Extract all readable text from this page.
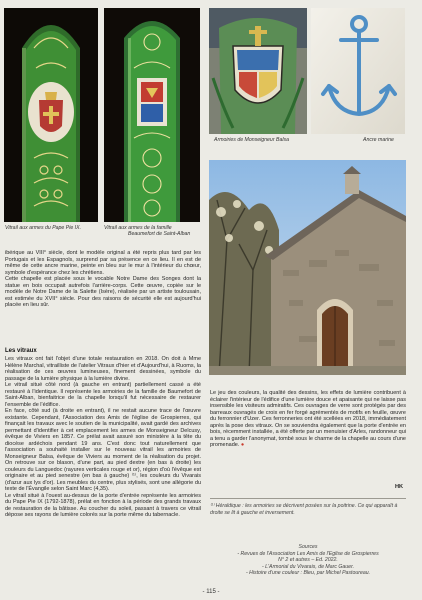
Vitrail aux armes du Pape Pie IX.	Vitrail aux armes de la famille
Beaumefort de Saint-Alban
Armoiries de Monseigneur Balsa	Ancre marine

ibérique au VIII° siècle, dont le modèle original a été repris plus tard par les Portugais et les Espagnols, surprend par sa présence en ce lieu. Il en est de même de cette ancre marine, peinte en bleu sur le mur à l'intérieur du chœur, symbole d'espérance chez les chrétiens.

Cette chapelle est placée sous le vocable Notre Dame des Songes dont la statue en bois occupait autrefois l'arrière-corps. Cette œuvre, copiée sur le modèle de Notre Dame de la Salette (Isère), réalisée par un artiste toulousain, est estimée du XVII° siècle. Pour des raisons de sécurité elle est aujourd'hui placée en lieu sûr.

Les vitraux

Les vitraux ont fait l'objet d'une totale restauration en 2018. On doit à Mme Hélène Marchal, vitrailliste de l'atelier Vitraux d'hier et d'Aujourd'hui, à Ruoms, la réalisation de ces œuvres lumineuses, finement dessinées, symbole du passage de la lumière physique à la lumière divine.

Le vitrail situé côté nord (à gauche en entrant) partiellement cassé a été restauré à l'identique. Il représente les armoiries de la famille de Baumefort de Saint-Alban, bienfaitrice de la chapelle lorsqu'il fut nécessaire de restaurer l'ensemble de l'édifice.

En face, côté sud (à droite en entrant), il ne restait aucune trace de l'œuvre existante. Cependant, l'Association des Amis de l'église de Grospierres, qui finançait les travaux avec le soutien de la municipalité, avait gardé des archives permettant d'identifier à cet emplacement les armes de Monseigneur Delcusy, évêque de Viviers en 1857. Ce prélat avait assuré son ministère à la tête du diocèse ardéchois pendant 19 ans. C'est donc tout naturellement que l'association a souhaité installer sur le nouveau vitrail les armoiries de Monseigneur Balsa, évêque de Viviers au moment de la réalisation du projet. On retrouve sur ce blason, d'une part, au pied dextre (en bas à droite) les couleurs du Languedoc (rayures verticales rouge et or), région d'où l'évêque est originaire et au pied senestre (en bas à gauche) ⁽¹⁾, les couleurs du Vivarais (d'azur aux lys d'or). Les meubles du centre, plus stylisés, sont une allégorie du texte de l'Évangile selon Saint Marc (4,35).

Le vitrail situé à l'ouest au-dessus de la porte d'entrée représente les armoiries du Pape Pie IX (1792-1878), prélat en fonction à la période des grands travaux de restauration de la bâtisse. Au coucher du soleil, passant à travers ce vitrail dépose ses rayons de lumière colorés sur la porte même du tabernacle.

Le jeu des couleurs, la qualité des dessins, les effets de lumière contribuent à éclairer l'intérieur de l'édifice d'une lumière douce et apaisante qui ne laisse pas insensible les visiteurs admiratifs. Ces ouvrages de verre sont protégés par des barreaux ouvragés de croix en fer forgé agrémentés de motifs en feuille, œuvre du ferronnier d'Uzer. Ces ferronneries ont été scellées en 2018, immédiatement après la pose des vitraux. On se souviendra également que la porte d'entrée en bois, récemment installée, a été offerte par un menuisier d'Arles, randonneur qui a tenu a garder l'anonymat, tombé sous le charme de la chapelle au cours d'une promenade. ●

HK
⁽¹⁾ Héraldique : les armoiries se décrivent posées sur la poitrine. Ce qui apparaît à droite se lit à gauche et inversement.
Sources
- Revues de l'Association Les Amis de l'Eglise de Grospierres
N° 2 et autres – Ed. 2022.
- L'Armorial du Vivarais, de Marc Gauer.
- Histoire d'une couleur : Bleu, par Michel Pastoureau.
- 115 -
